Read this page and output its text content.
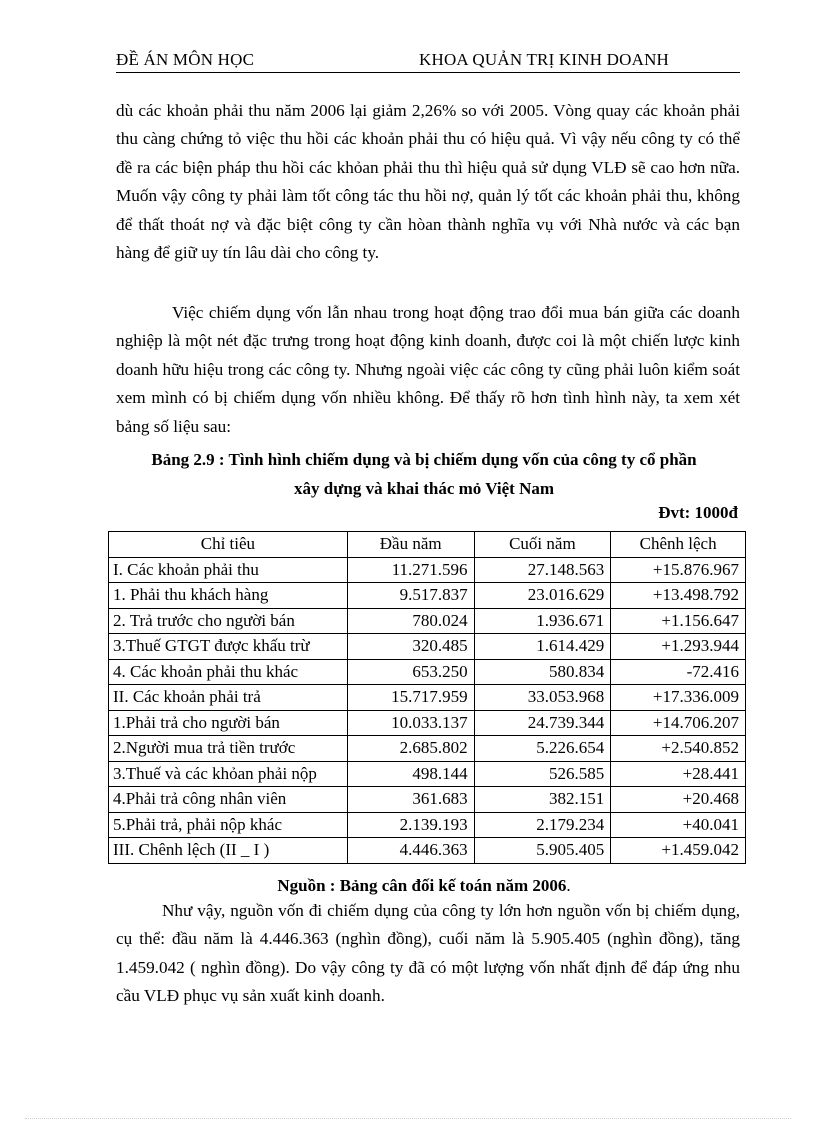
ĐỀ ÁN MÔN HỌC	KHOA QUẢN TRỊ KINH DOANH

dù các khoản phải thu năm 2006 lại giảm 2,26% so với 2005. Vòng quay các khoản phải thu càng chứng tỏ việc thu hồi các khoản phải thu có hiệu quả. Vì vậy nếu công ty có thể đề ra các biện pháp thu hồi các khỏan phải thu thì hiệu quả sử dụng VLĐ sẽ cao hơn nữa. Muốn vậy công ty phải làm tốt công tác thu hồi nợ, quản lý tốt các khoản phải thu, không để thất thoát nợ và đặc biệt công ty cần hòan thành nghĩa vụ với Nhà nước và các bạn hàng để giữ uy tín lâu dài cho công ty.

Việc chiếm dụng vốn lẫn nhau trong hoạt động trao đổi mua bán giữa các doanh nghiệp là một nét đặc trưng trong hoạt động kinh doanh, được coi là một chiến lược kinh doanh hữu hiệu trong các công ty. Nhưng ngoài việc các công ty cũng phải luôn kiểm soát xem mình có bị chiếm dụng vốn nhiều không. Để thấy rõ hơn tình hình này, ta xem xét bảng số liệu sau:

Bảng 2.9 : Tình hình chiếm dụng và bị chiếm dụng vốn của công ty cổ phần
xây dựng và khai thác mỏ Việt Nam
Đvt: 1000đ
Chỉ tiêu	Đầu năm	Cuối năm	Chênh lệch
I. Các khoản phải thu	11.271.596	27.148.563	+15.876.967
1. Phải thu khách hàng	9.517.837	23.016.629	+13.498.792
2. Trả trước cho người bán	780.024	1.936.671	+1.156.647
3.Thuế GTGT được khấu trừ	320.485	1.614.429	+1.293.944
4. Các khoản phải thu khác	653.250	580.834	-72.416
II. Các khoản phải trả	15.717.959	33.053.968	+17.336.009
1.Phải trả cho người bán	10.033.137	24.739.344	+14.706.207
2.Người mua trả tiền trước	2.685.802	5.226.654	+2.540.852
3.Thuế và các khỏan phải nộp	498.144	526.585	+28.441
4.Phải trả công nhân viên	361.683	382.151	+20.468
5.Phải trả, phải nộp khác	2.139.193	2.179.234	+40.041
III. Chênh lệch (II _ I )	4.446.363	5.905.405	+1.459.042

Nguồn : Bảng cân đối kế toán năm 2006.

Như vậy, nguồn vốn đi chiếm dụng của công ty lớn hơn nguồn vốn bị chiếm dụng, cụ thể: đầu năm là 4.446.363 (nghìn đồng), cuối năm là 5.905.405 (nghìn đồng), tăng 1.459.042 ( nghìn đồng). Do vậy công ty đã có một lượng vốn nhất định để đáp ứng nhu cầu VLĐ phục vụ sản xuất kinh doanh.
